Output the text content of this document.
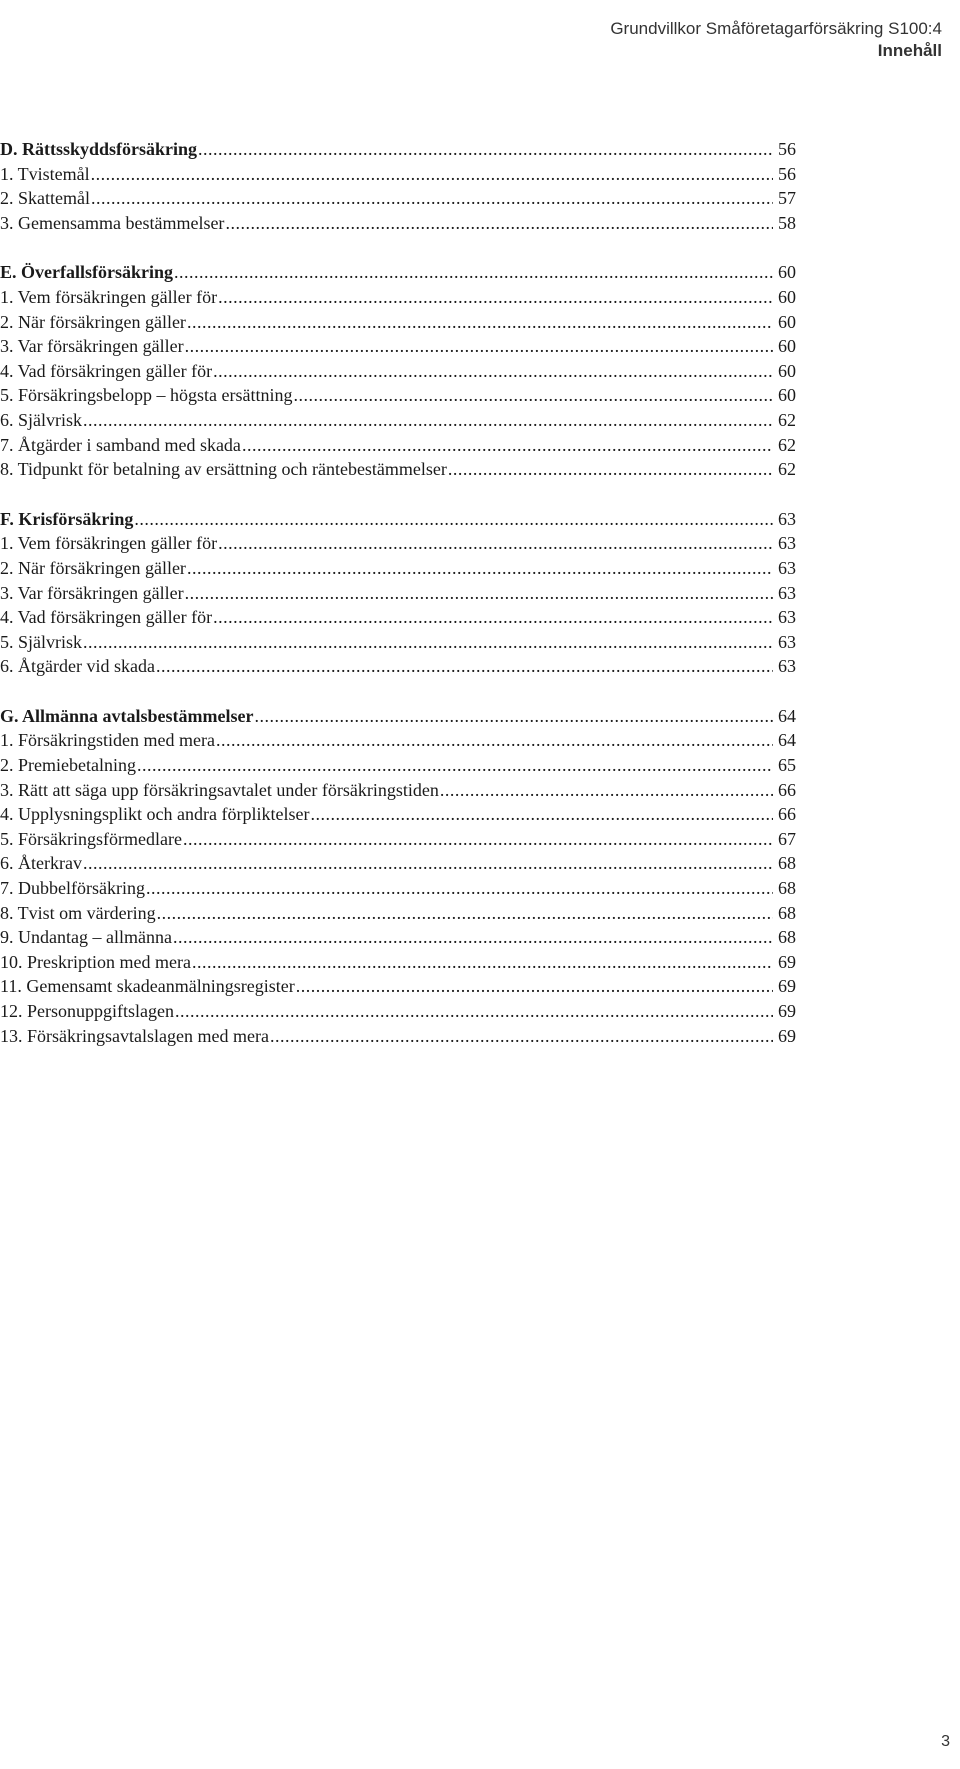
Grundvillkor Småföretagarförsäkring S100:4
Innehåll
D. Rättsskyddsförsäkring .....	56
1. Tvistemål .....	56
2. Skattemål .....	57
3. Gemensamma bestämmelser .....	58
E. Överfallsförsäkring .....	60
1. Vem försäkringen gäller för .....	60
2. När försäkringen gäller .....	60
3. Var försäkringen gäller .....	60
4. Vad försäkringen gäller för .....	60
5. Försäkringsbelopp – högsta ersättning .....	60
6. Självrisk .....	62
7. Åtgärder i samband med skada .....	62
8. Tidpunkt för betalning av ersättning och räntebestämmelser .....	62
F. Krisförsäkring .....	63
1. Vem försäkringen gäller för .....	63
2. När försäkringen gäller .....	63
3. Var försäkringen gäller .....	63
4. Vad försäkringen gäller för .....	63
5. Självrisk .....	63
6. Åtgärder vid skada .....	63
G. Allmänna avtalsbestämmelser .....	64
1. Försäkringstiden med mera .....	64
2. Premiebetalning .....	65
3. Rätt att säga upp försäkringsavtalet under försäkringstiden .....	66
4. Upplysningsplikt och andra förpliktelser .....	66
5. Försäkringsförmedlare .....	67
6. Återkrav .....	68
7. Dubbelförsäkring .....	68
8. Tvist om värdering .....	68
9. Undantag – allmänna .....	68
10. Preskription med mera .....	69
11. Gemensamt skadeanmälningsregister .....	69
12. Personuppgiftslagen .....	69
13. Försäkringsavtalslagen med mera .....	69
3
